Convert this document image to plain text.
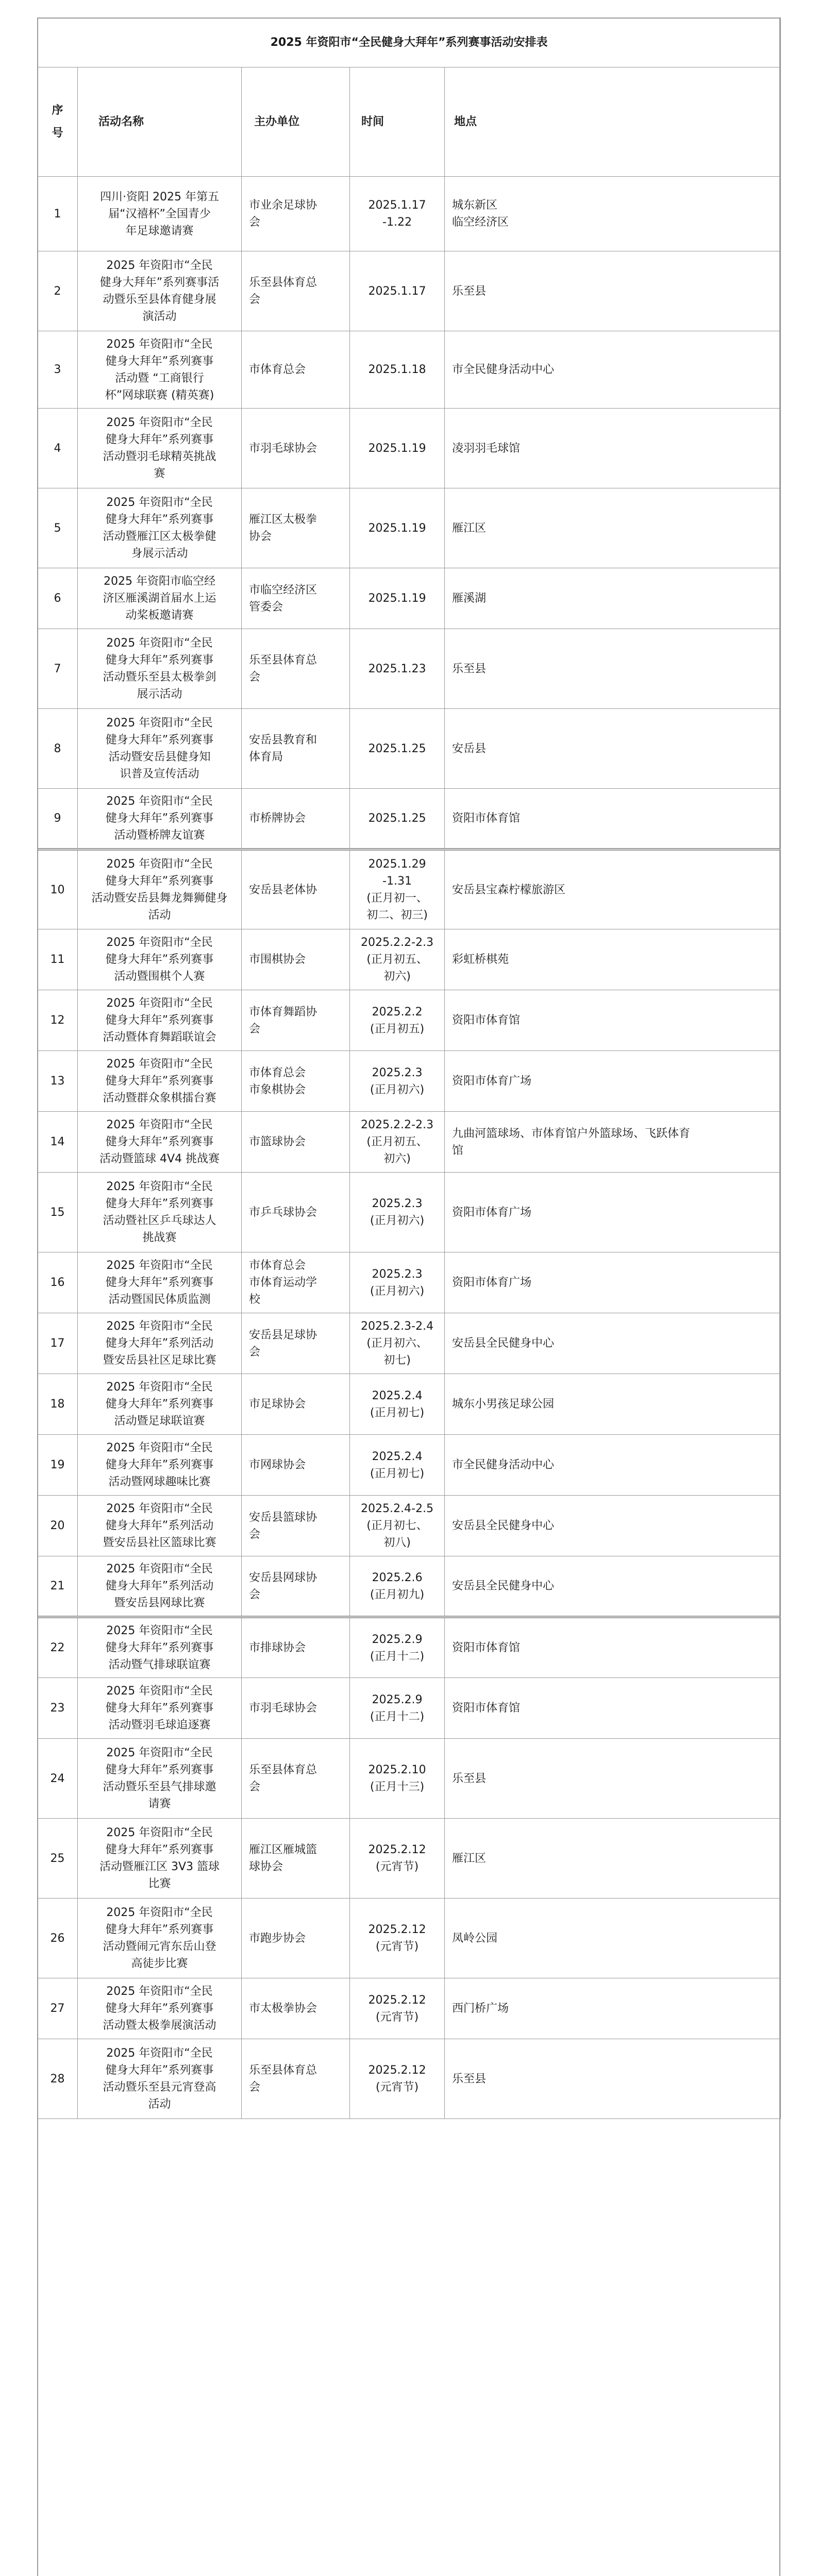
2025 年资阳市“全民健身大拜年”系列赛事活动安排表				

序
号	活动名称	主办单位	时间	地点
1	四川·资阳 2025 年第五
届“汉禧杯”全国青少
年足球邀请赛	市业余足球协
会	2025.1.17
-1.22	城东新区
临空经济区

2	2025 年资阳市“全民
健身大拜年”系列赛事活
动暨乐至县体育健身展
演活动	乐至县体育总
会	2025.1.17	乐至县

3	2025 年资阳市“全民
健身大拜年”系列赛事
活动暨 “工商银行
杯”网球联赛 (精英赛)	市体育总会	2025.1.18	市全民健身活动中心

4	2025 年资阳市“全民
健身大拜年”系列赛事
活动暨羽毛球精英挑战
赛	市羽毛球协会	2025.1.19	凌羽羽毛球馆

5	2025 年资阳市“全民
健身大拜年”系列赛事
活动暨雁江区太极拳健
身展示活动	雁江区太极拳
协会	2025.1.19	雁江区

6	2025 年资阳市临空经
济区雁溪湖首届水上运
动桨板邀请赛	市临空经济区
管委会	2025.1.19	雁溪湖

7	2025 年资阳市“全民
健身大拜年”系列赛事
活动暨乐至县太极拳剑
展示活动	乐至县体育总
会	2025.1.23	乐至县

8	2025 年资阳市“全民
健身大拜年”系列赛事
活动暨安岳县健身知
识普及宣传活动	安岳县教育和
体育局	2025.1.25	安岳县

9	2025 年资阳市“全民
健身大拜年”系列赛事
活动暨桥牌友谊赛	市桥牌协会	2025.1.25	资阳市体育馆

10	2025 年资阳市“全民
健身大拜年”系列赛事
活动暨安岳县舞龙舞狮健身
活动	安岳县老体协	2025.1.29
-1.31
(正月初一、
初二、初三)	安岳县宝森柠檬旅游区

11	2025 年资阳市“全民
健身大拜年”系列赛事
活动暨围棋个人赛	市围棋协会	2025.2.2-2.3
(正月初五、
初六)	彩虹桥棋苑

12	2025 年资阳市“全民
健身大拜年”系列赛事
活动暨体育舞蹈联谊会	市体育舞蹈协
会	2025.2.2
(正月初五)	资阳市体育馆

13	2025 年资阳市“全民
健身大拜年”系列赛事
活动暨群众象棋擂台赛	市体育总会
市象棋协会	2025.2.3
(正月初六)	资阳市体育广场

14	2025 年资阳市“全民
健身大拜年”系列赛事
活动暨篮球 4V4 挑战赛	市篮球协会	2025.2.2-2.3
(正月初五、
初六)	九曲河篮球场、市体育馆户外篮球场、飞跃体育
馆

15	2025 年资阳市“全民
健身大拜年”系列赛事
活动暨社区乒乓球达人
挑战赛	市乒乓球协会	2025.2.3
(正月初六)	资阳市体育广场

16	2025 年资阳市“全民
健身大拜年”系列赛事
活动暨国民体质监测	市体育总会
市体育运动学
校	2025.2.3
(正月初六)	资阳市体育广场

17	2025 年资阳市“全民
健身大拜年”系列活动
暨安岳县社区足球比赛	安岳县足球协
会	2025.2.3-2.4
(正月初六、
初七)	安岳县全民健身中心

18	2025 年资阳市“全民
健身大拜年”系列赛事
活动暨足球联谊赛	市足球协会	2025.2.4
(正月初七)	城东小男孩足球公园

19	2025 年资阳市“全民
健身大拜年”系列赛事
活动暨网球趣味比赛	市网球协会	2025.2.4
(正月初七)	市全民健身活动中心

20	2025 年资阳市“全民
健身大拜年”系列活动
暨安岳县社区篮球比赛	安岳县篮球协
会	2025.2.4-2.5
(正月初七、
初八)	安岳县全民健身中心

21	2025 年资阳市“全民
健身大拜年”系列活动
暨安岳县网球比赛	安岳县网球协
会	2025.2.6
(正月初九)	安岳县全民健身中心

22	2025 年资阳市“全民
健身大拜年”系列赛事
活动暨气排球联谊赛	市排球协会	2025.2.9
(正月十二)	资阳市体育馆

23	2025 年资阳市“全民
健身大拜年”系列赛事
活动暨羽毛球追逐赛	市羽毛球协会	2025.2.9
(正月十二)	资阳市体育馆

24	2025 年资阳市“全民
健身大拜年”系列赛事
活动暨乐至县气排球邀
请赛	乐至县体育总
会	2025.2.10
(正月十三)	乐至县

25	2025 年资阳市“全民
健身大拜年”系列赛事
活动暨雁江区 3V3 篮球
比赛	雁江区雁城篮
球协会	2025.2.12
(元宵节)	雁江区

26	2025 年资阳市“全民
健身大拜年”系列赛事
活动暨闹元宵东岳山登
高徒步比赛	市跑步协会	2025.2.12
(元宵节)	凤岭公园

27	2025 年资阳市“全民
健身大拜年”系列赛事
活动暨太极拳展演活动	市太极拳协会	2025.2.12
(元宵节)	西门桥广场

28	2025 年资阳市“全民
健身大拜年”系列赛事
活动暨乐至县元宵登高
活动	乐至县体育总
会	2025.2.12
(元宵节)	乐至县
